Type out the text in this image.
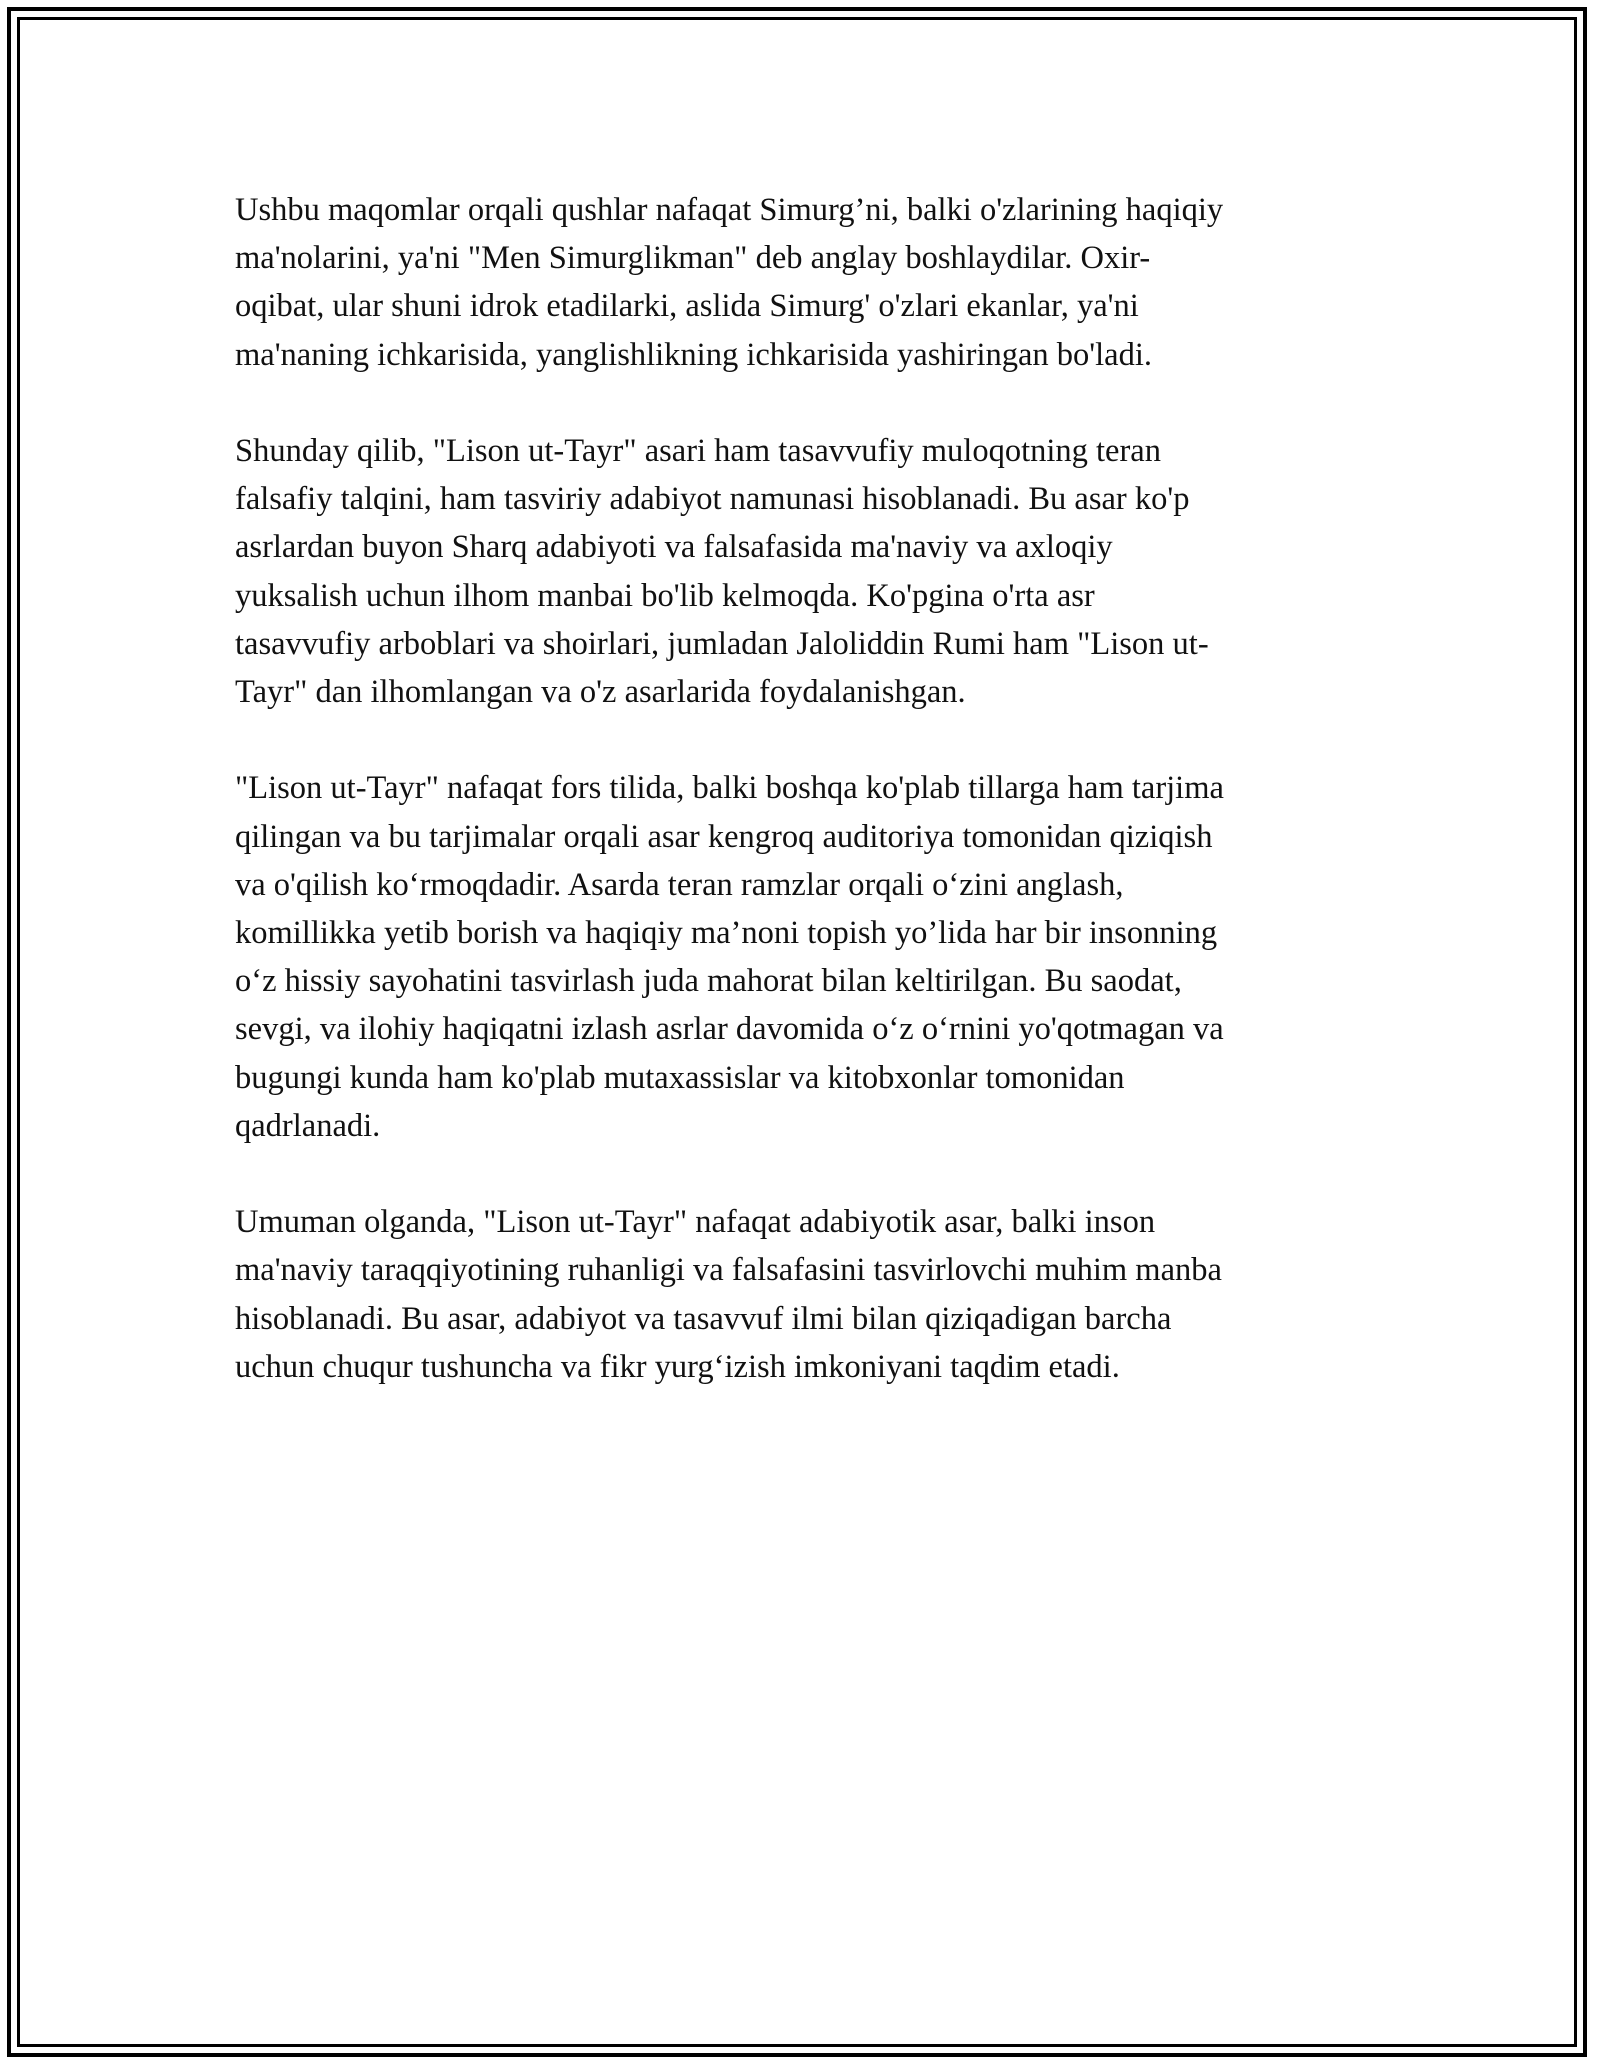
Ushbu maqomlar orqali qushlar nafaqat Simurg’ni, balki o'zlarining haqiqiy
ma'nolarini, ya'ni "Men Simurglikman" deb anglay boshlaydilar. Oxir-
oqibat, ular shuni idrok etadilarki, aslida Simurg' o'zlari ekanlar, ya'ni
ma'naning ichkarisida, yanglishlikning ichkarisida yashiringan bo'ladi.

Shunday qilib, "Lison ut-Tayr" asari ham tasavvufiy muloqotning teran
falsafiy talqini, ham tasviriy adabiyot namunasi hisoblanadi. Bu asar ko'p
asrlardan buyon Sharq adabiyoti va falsafasida ma'naviy va axloqiy
yuksalish uchun ilhom manbai bo'lib kelmoqda. Ko'pgina o'rta asr
tasavvufiy arboblari va shoirlari, jumladan Jaloliddin Rumi ham "Lison ut-
Tayr" dan ilhomlangan va o'z asarlarida foydalanishgan.

"Lison ut-Tayr" nafaqat fors tilida, balki boshqa ko'plab tillarga ham tarjima
qilingan va bu tarjimalar orqali asar kengroq auditoriya tomonidan qiziqish
va o'qilish ko‘rmoqdadir. Asarda teran ramzlar orqali o‘zini anglash,
komillikka yetib borish va haqiqiy ma’noni topish yo’lida har bir insonning
o‘z hissiy sayohatini tasvirlash juda mahorat bilan keltirilgan. Bu saodat,
sevgi, va ilohiy haqiqatni izlash asrlar davomida o‘z o‘rnini yo'qotmagan va
bugungi kunda ham ko'plab mutaxassislar va kitobxonlar tomonidan
qadrlanadi.

Umuman olganda, "Lison ut-Tayr" nafaqat adabiyotik asar, balki inson
ma'naviy taraqqiyotining ruhanligi va falsafasini tasvirlovchi muhim manba
hisoblanadi. Bu asar, adabiyot va tasavvuf ilmi bilan qiziqadigan barcha
uchun chuqur tushuncha va fikr yurg‘izish imkoniyani taqdim etadi.
